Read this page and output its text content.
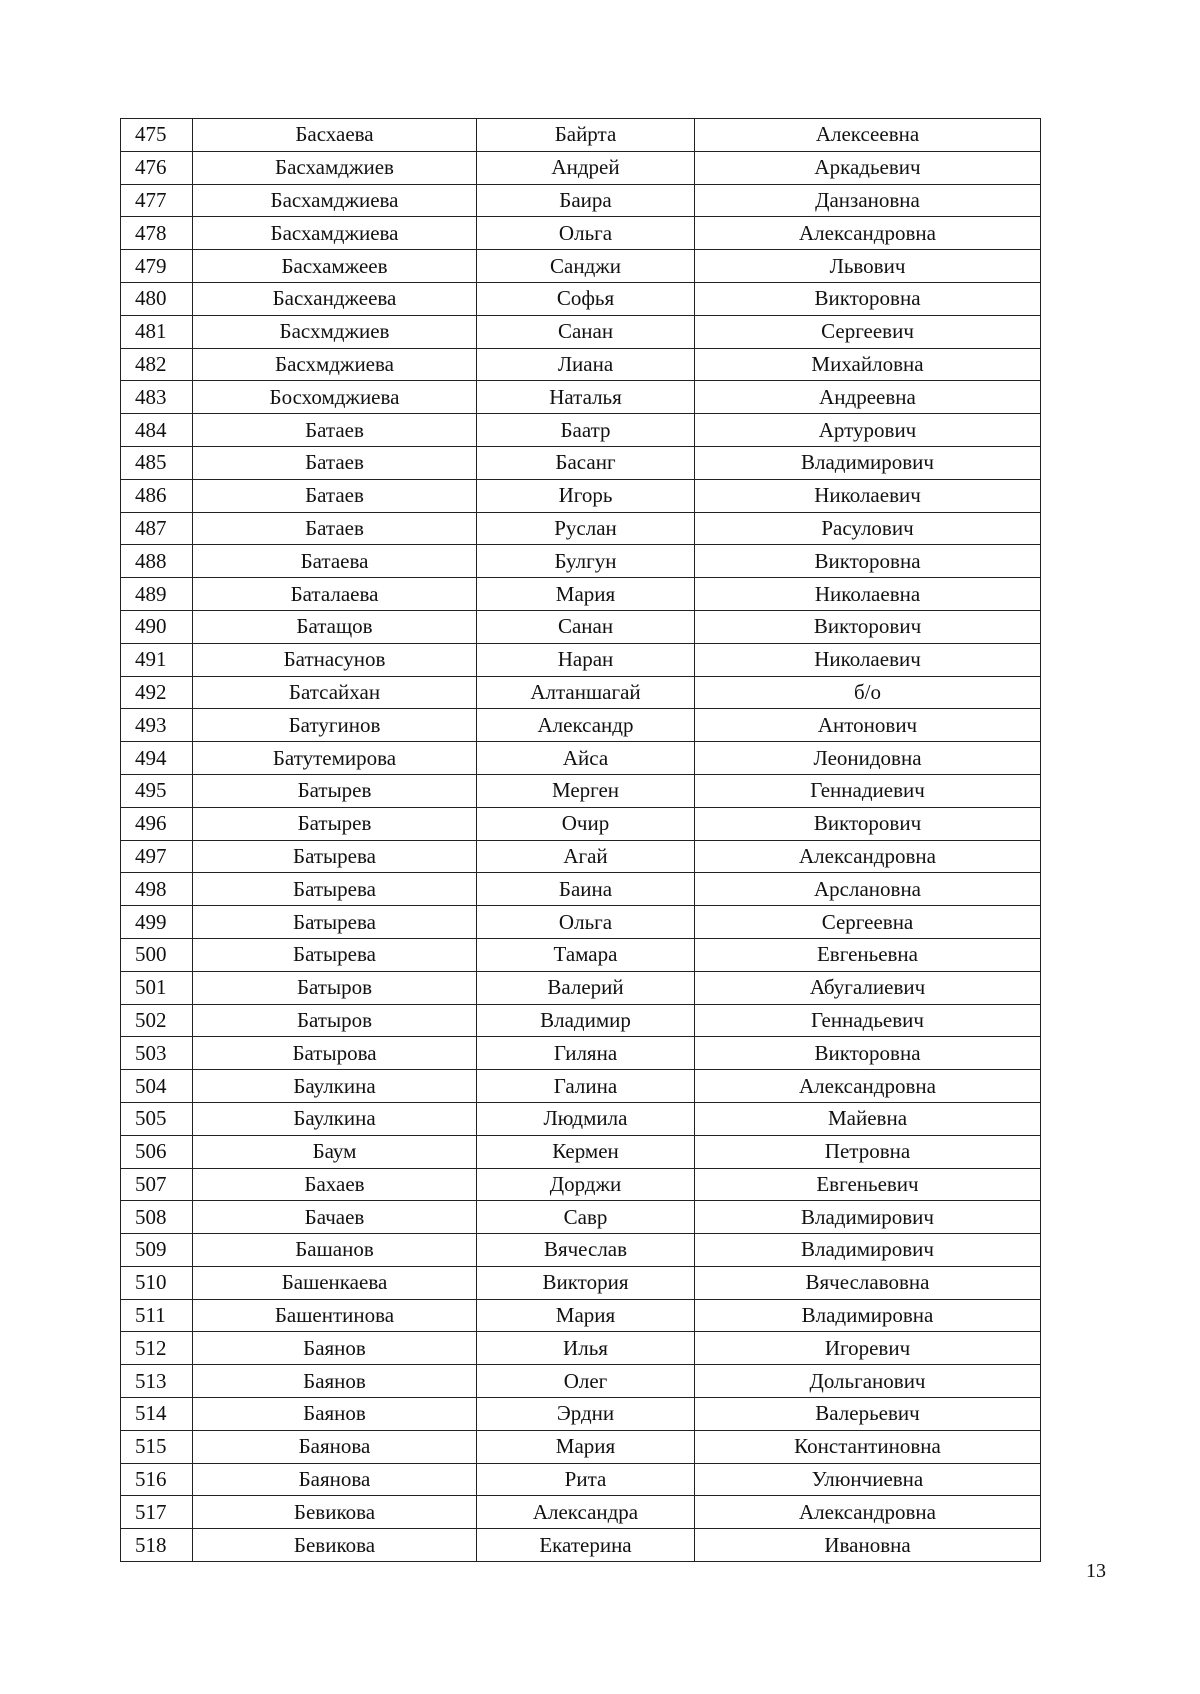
475	Басхаева	Байрта	Алексеевна
476	Басхамджиев	Андрей	Аркадьевич
477	Басхамджиева	Баира	Данзановна
478	Басхамджиева	Ольга	Александровна
479	Басхамжеев	Санджи	Львович
480	Басханджеева	Софья	Викторовна
481	Басхмджиев	Санан	Сергеевич
482	Басхмджиева	Лиана	Михайловна
483	Босхомджиева	Наталья	Андреевна
484	Батаев	Баатр	Артурович
485	Батаев	Басанг	Владимирович
486	Батаев	Игорь	Николаевич
487	Батаев	Руслан	Расулович
488	Батаева	Булгун	Викторовна
489	Баталаева	Мария	Николаевна
490	Батащов	Санан	Викторович
491	Батнасунов	Наран	Николаевич
492	Батсайхан	Алтаншагай	б/о
493	Батугинов	Александр	Антонович
494	Батутемирова	Айса	Леонидовна
495	Батырев	Мерген	Геннадиевич
496	Батырев	Очир	Викторович
497	Батырева	Агай	Александровна
498	Батырева	Баина	Арслановна
499	Батырева	Ольга	Сергеевна
500	Батырева	Тамара	Евгеньевна
501	Батыров	Валерий	Абугалиевич
502	Батыров	Владимир	Геннадьевич
503	Батырова	Гиляна	Викторовна
504	Баулкина	Галина	Александровна
505	Баулкина	Людмила	Майевна
506	Баум	Кермен	Петровна
507	Бахаев	Дорджи	Евгеньевич
508	Бачаев	Савр	Владимирович
509	Башанов	Вячеслав	Владимирович
510	Башенкаева	Виктория	Вячеславовна
511	Башентинова	Мария	Владимировна
512	Баянов	Илья	Игоревич
513	Баянов	Олег	Дольганович
514	Баянов	Эрдни	Валерьевич
515	Баянова	Мария	Константиновна
516	Баянова	Рита	Улюнчиевна
517	Бевикова	Александра	Александровна
518	Бевикова	Екатерина	Ивановна
13
